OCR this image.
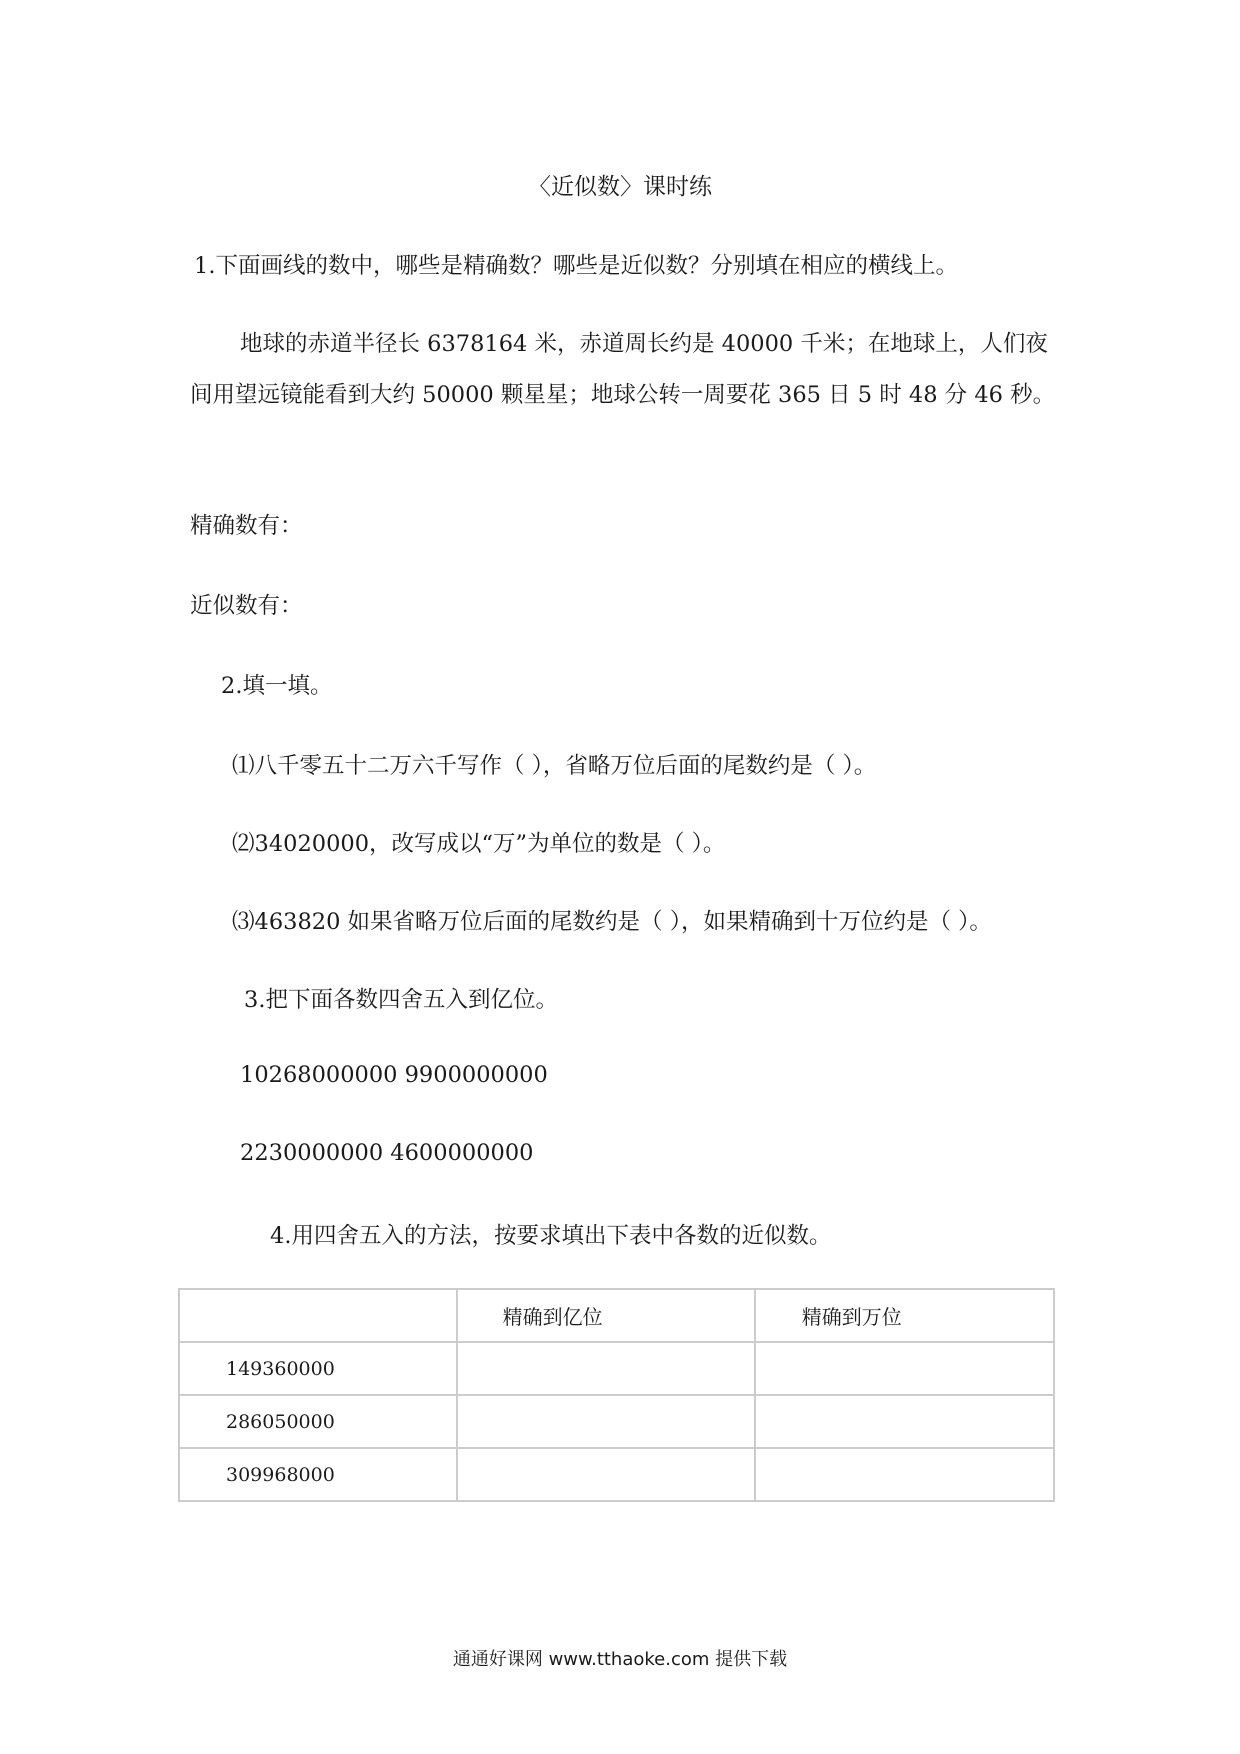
〈近似数〉课时练
1.下面画线的数中，哪些是精确数？哪些是近似数？分别填在相应的横线上。
地球的赤道半径长 6378164 米，赤道周长约是 40000 千米；在地球上，人们夜间用望远镜能看到大约 50000 颗星星；地球公转一周要花 365 日 5 时 48 分 46 秒。
精确数有：
近似数有：
2.填一填。
⑴八千零五十二万六千写作（ ），省略万位后面的尾数约是（ ）。
⑵34020000，改写成以“万”为单位的数是（ ）。
⑶463820 如果省略万位后面的尾数约是（ ），如果精确到十万位约是（ ）。
3.把下面各数四舍五入到亿位。
10268000000 9900000000
2230000000 4600000000
4.用四舍五入的方法，按要求填出下表中各数的近似数。
	精确到亿位	精确到万位
149360000		
286050000		
309968000		
通通好课网 www.tthaoke.com 提供下载
